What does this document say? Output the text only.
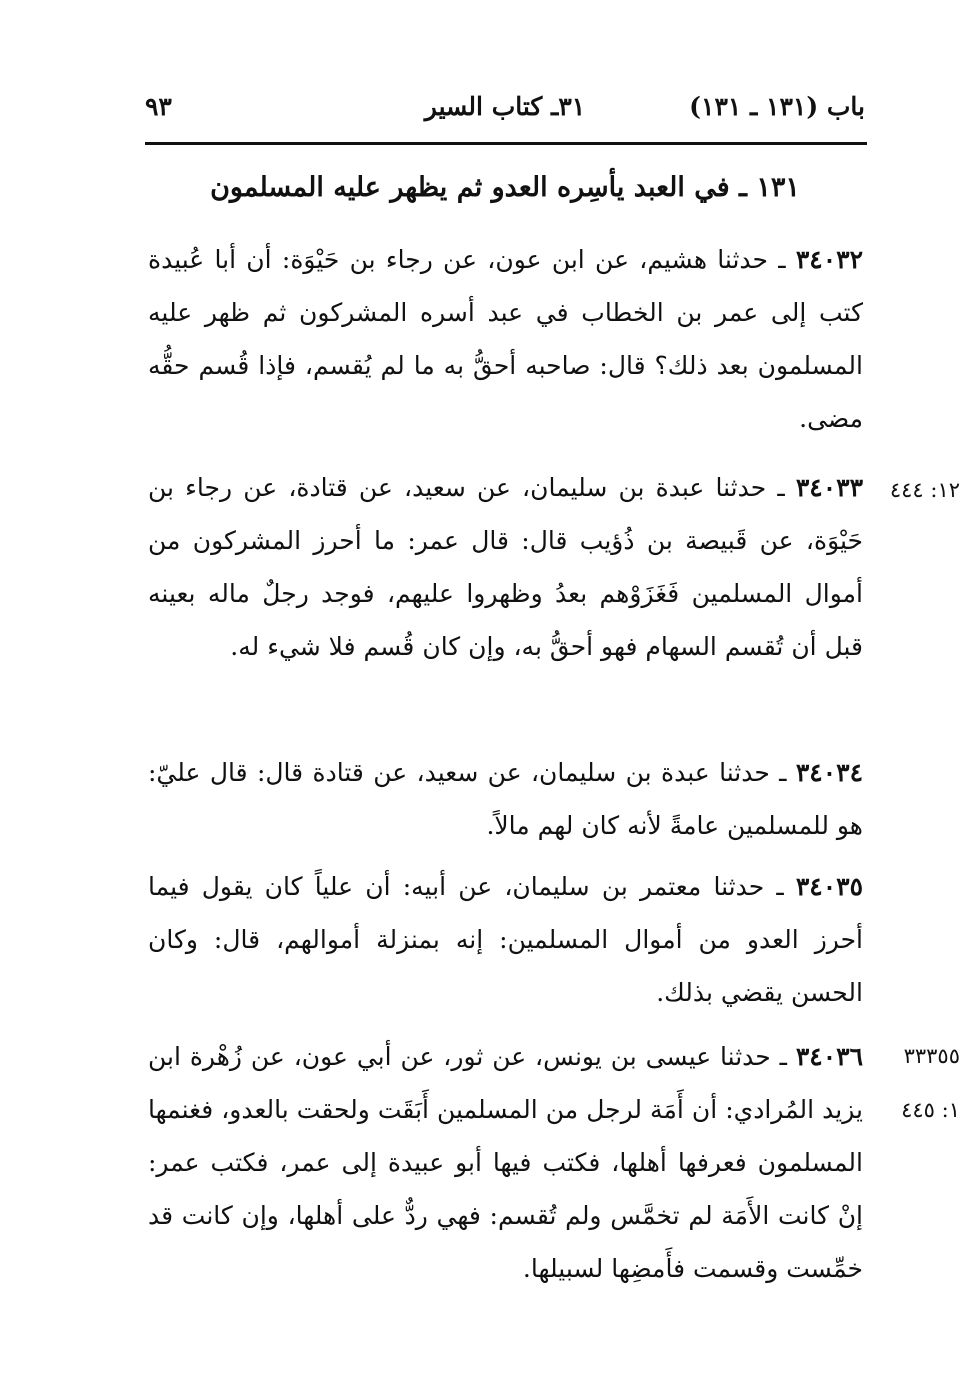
باب (١٣١ ـ ١٣١)
٣١ـ كتاب السير
٩٣
١٣١ ـ في العبد يأسِره العدو ثم يظهر عليه المسلمون

٣٤٠٣٢ ـ حدثنا هشيم، عن ابن عون، عن رجاء بن حَيْوَة: أن أبا عُبيدة كتب إلى عمر بن الخطاب في عبد أسره المشركون ثم ظهر عليه المسلمون بعد ذلك؟ قال: صاحبه أحقُّ به ما لم يُقسم، فإذا قُسم حقُّه مضى.

٣٤٠٣٣ ـ حدثنا عبدة بن سليمان، عن سعيد، عن قتادة، عن رجاء بن حَيْوَة، عن قَبيصة بن ذُؤيب قال: قال عمر: ما أحرز المشركون من أموال المسلمين فَغَزَوْهم بعدُ وظهروا عليهم، فوجد رجلٌ ماله بعينه قبل أن تُقسم السهام فهو أحقُّ به، وإن كان قُسم فلا شيء له.

٣٤٠٣٤ ـ حدثنا عبدة بن سليمان، عن سعيد، عن قتادة قال: قال عليّ: هو للمسلمين عامةً لأنه كان لهم مالاً.

٣٤٠٣٥ ـ حدثنا معتمر بن سليمان، عن أبيه: أن علياً كان يقول فيما أحرز العدو من أموال المسلمين: إنه بمنزلة أموالهم، قال: وكان الحسن يقضي بذلك.

٣٤٠٣٦ ـ حدثنا عيسى بن يونس، عن ثور، عن أبي عون، عن زُهْرة ابن يزيد المُرادي: أن أَمَة لرجل من المسلمين أَبَقَت ولحقت بالعدو، فغنمها المسلمون فعرفها أهلها، فكتب فيها أبو عبيدة إلى عمر، فكتب عمر: إنْ كانت الأَمَة لم تخمَّس ولم تُقسم: فهي ردٌّ على أهلها، وإن كانت قد خمِّست وقسمت فأَمضِها لسبيلها.

١٢: ٤٤٤
٣٣٣٥٥
١: ٤٤٥
